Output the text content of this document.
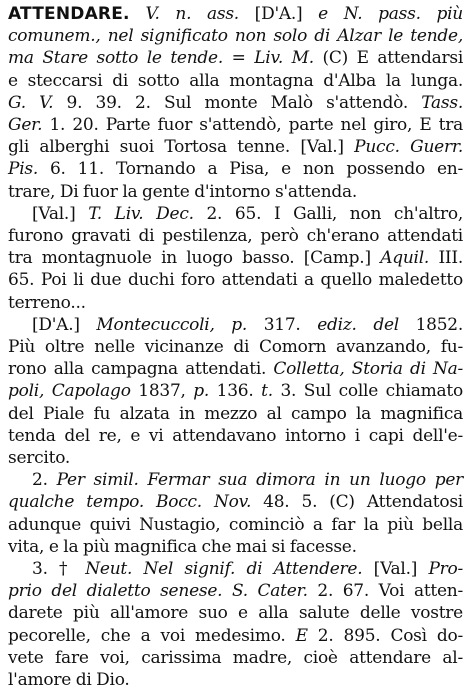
ATTENDARE. V. n. ass. [D'A.] e N. pass. più
comunem., nel significato non solo di Alzar le tende,
ma Stare sotto le tende. = Liv. M. (C) E attendarsi
e steccarsi di sotto alla montagna d'Alba la lunga.
G. V. 9. 39. 2. Sul monte Malò s'attendò. Tass.
Ger. 1. 20. Parte fuor s'attendò, parte nel giro, E tra
gli alberghi suoi Tortosa tenne. [Val.] Pucc. Guerr.
Pis. 6. 11. Tornando a Pisa, e non possendo en-
trare, Di fuor la gente d'intorno s'attenda.
[Val.] T. Liv. Dec. 2. 65. I Galli, non ch'altro,
furono gravati di pestilenza, però ch'erano attendati
tra montagnuole in luogo basso. [Camp.] Aquil. III.
65. Poi li due duchi foro attendati a quello maledetto
terreno...
[D'A.] Montecuccoli, p. 317. ediz. del 1852.
Più oltre nelle vicinanze di Comorn avanzando, fu-
rono alla campagna attendati. Colletta, Storia di Na-
poli, Capolago 1837, p. 136. t. 3. Sul colle chiamato
del Piale fu alzata in mezzo al campo la magnifica
tenda del re, e vi attendavano intorno i capi dell'e-
sercito.
2. Per simil. Fermar sua dimora in un luogo per
qualche tempo. Bocc. Nov. 48. 5. (C) Attendatosi
adunque quivi Nustagio, cominciò a far la più bella
vita, e la più magnifica che mai si facesse.
3. † Neut. Nel signif. di Attendere. [Val.] Pro-
prio del dialetto senese. S. Cater. 2. 67. Voi atten-
darete più all'amore suo e alla salute delle vostre
pecorelle, che a voi medesimo. E 2. 895. Così do-
vete fare voi, carissima madre, cioè attendare al-
l'amore di Dio.
